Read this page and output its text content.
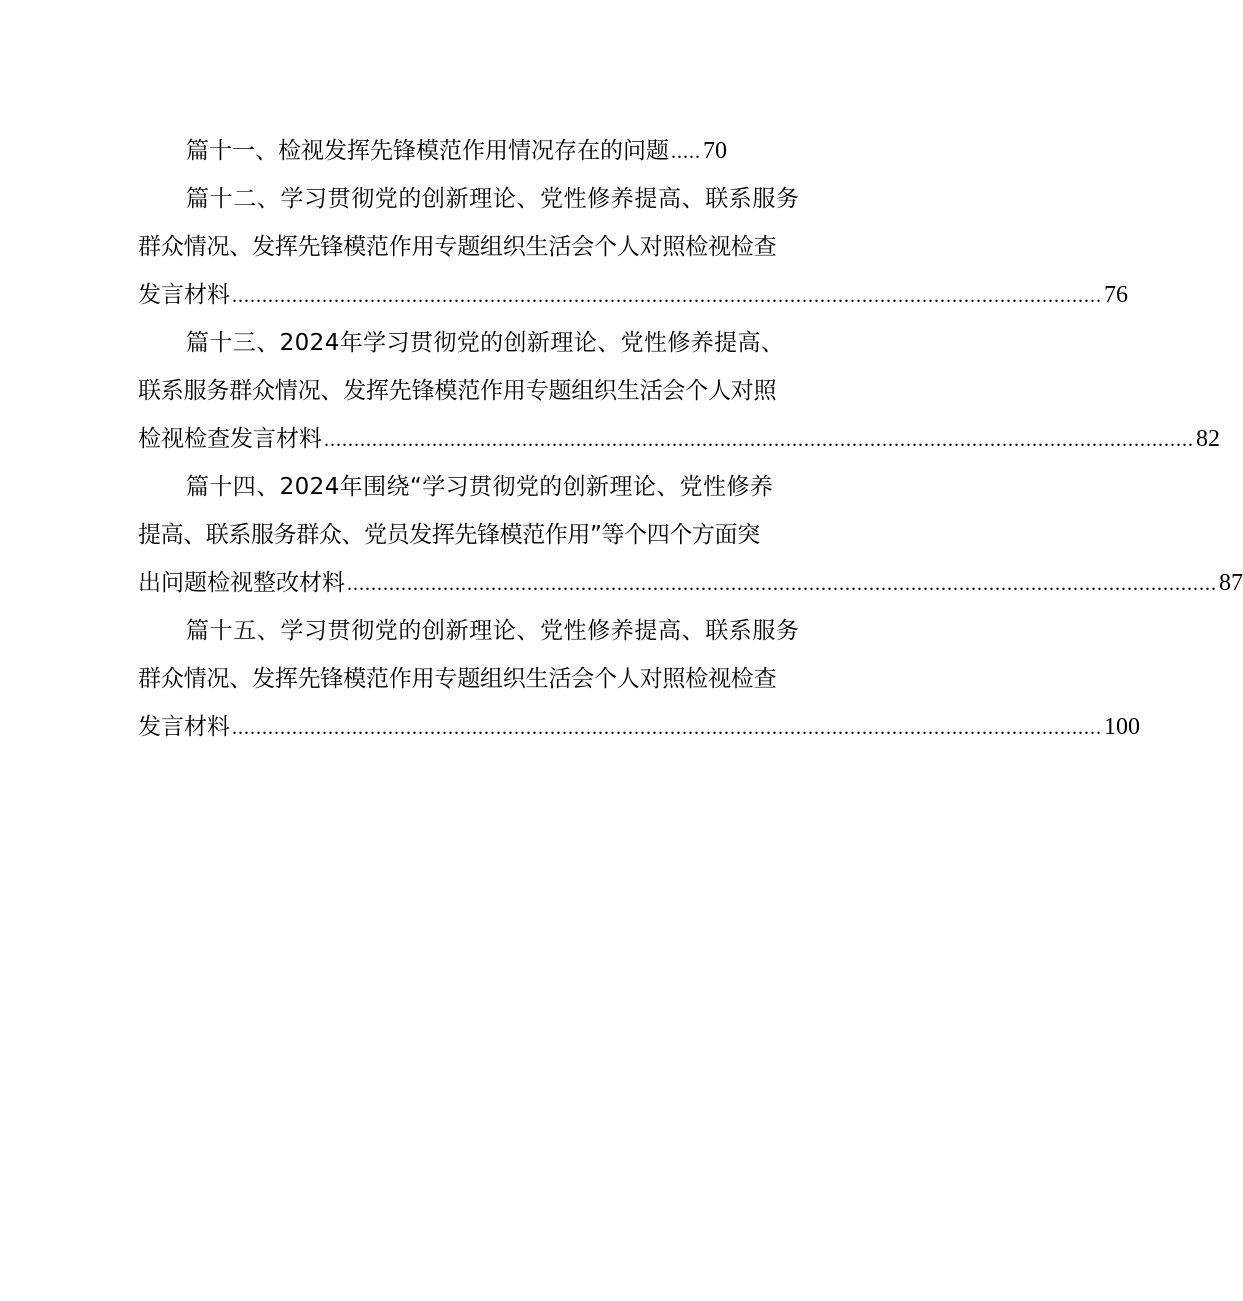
篇十一、检视发挥先锋模范作用情况存在的问题 ..... 70
篇十二、学习贯彻党的创新理论、党性修养提高、联系服务
群众情况、发挥先锋模范作用专题组织生活会个人对照检视检查
发言材料 ................................................................................................................................................. 76
篇十三、2024年学习贯彻党的创新理论、党性修养提高、
联系服务群众情况、发挥先锋模范作用专题组织生活会个人对照
检视检查发言材料 ................................................................................................................................................. 82
篇十四、2024年围绕“学习贯彻党的创新理论、党性修养
提高、联系服务群众、党员发挥先锋模范作用”等个四个方面突
出问题检视整改材料 ................................................................................................................................................. 87
篇十五、学习贯彻党的创新理论、党性修养提高、联系服务
群众情况、发挥先锋模范作用专题组织生活会个人对照检视检查
发言材料 ................................................................................................................................................. 100
